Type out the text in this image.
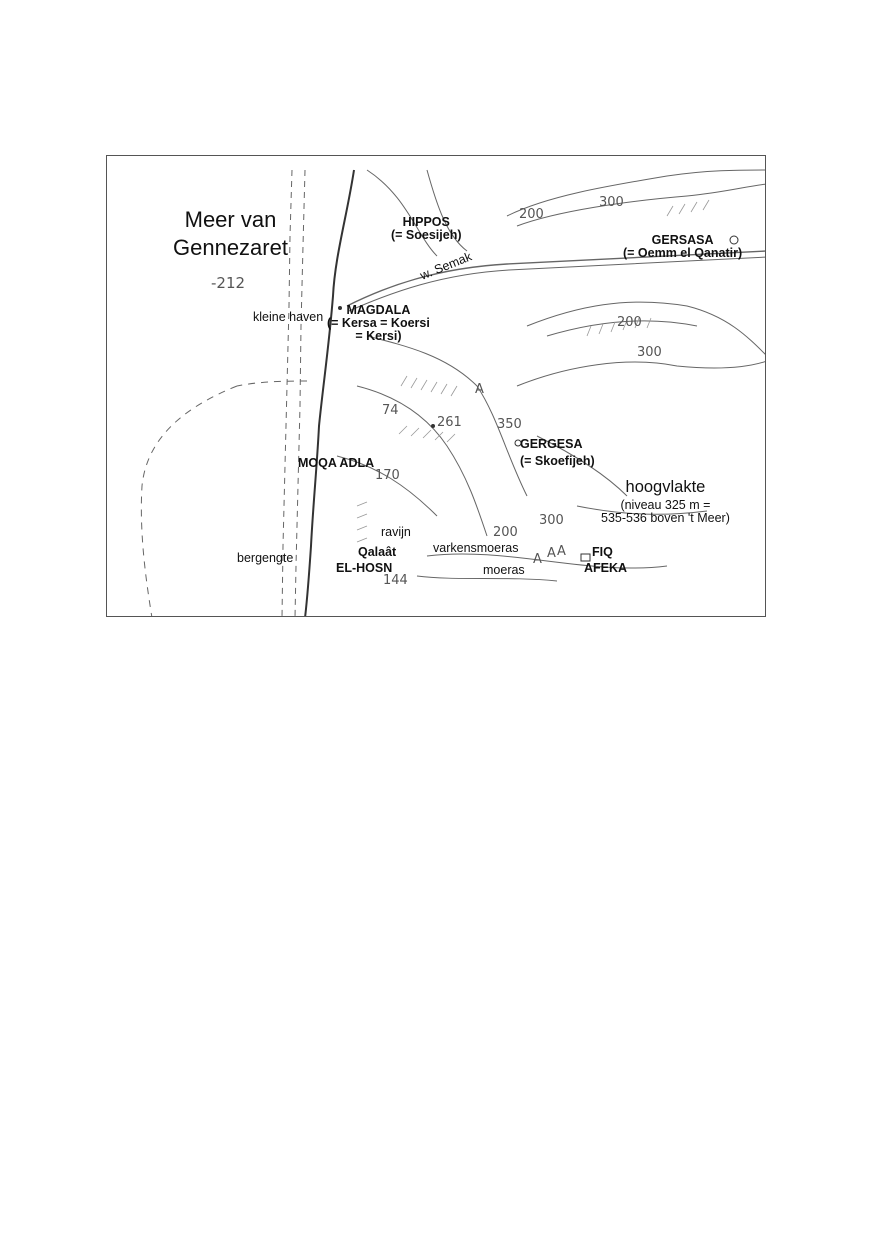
Meer van
Gennezaret
-212
HIPPOS
(= Soesijeh)	GERSASA
(= Oemm el Qanatir)
w. Semak
kleine haven	MAGDALA
(= Kersa = Koersi
= Kersi)
A
74
261	350
200
300
200
300
170
MOQA ADLA
GERGESA
(= Skoefijeh)
hoogvlakte
(niveau 325 m =
535-536 boven 't Meer)
200
300
ravijn
varkensmoeras
moeras
A A A
bergengte	Qalaât
EL-HOSN
144
FIQ
AFEKA
